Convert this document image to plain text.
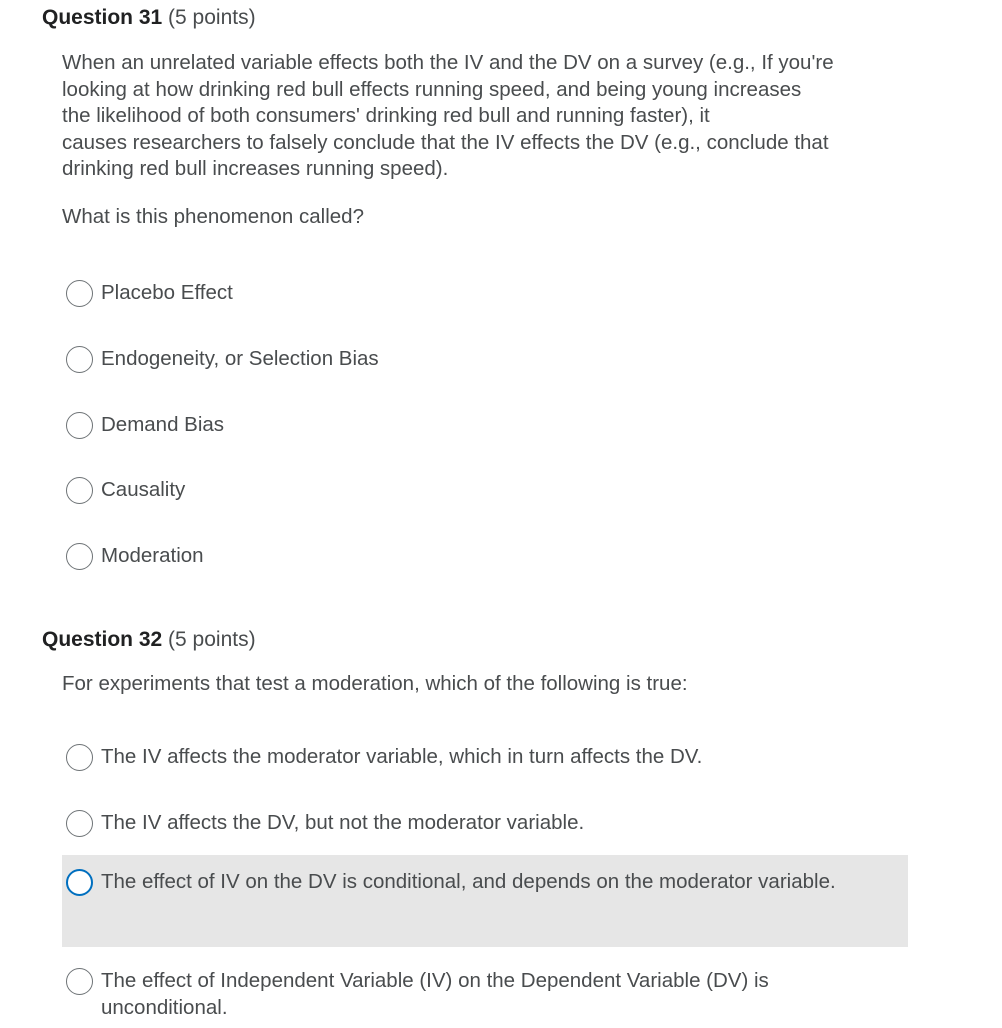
Question 31 (5 points)

When an unrelated variable effects both the IV and the DV on a survey (e.g., If you're

looking at how drinking red bull effects running speed, and being young increases

the likelihood of both consumers' drinking red bull and running faster), it

causes researchers to falsely conclude that the IV effects the DV (e.g., conclude that

drinking red bull increases running speed).

What is this phenomenon called?

Placebo Effect
Endogeneity, or Selection Bias
Demand Bias
Causality
Moderation
Question 32 (5 points)

For experiments that test a moderation, which of the following is true:

The IV affects the moderator variable, which in turn affects the DV.
The IV affects the DV, but not the moderator variable.
The effect of IV on the DV is conditional, and depends on the moderator variable.
The effect of Independent Variable (IV) on the Dependent Variable (DV) is unconditional.
